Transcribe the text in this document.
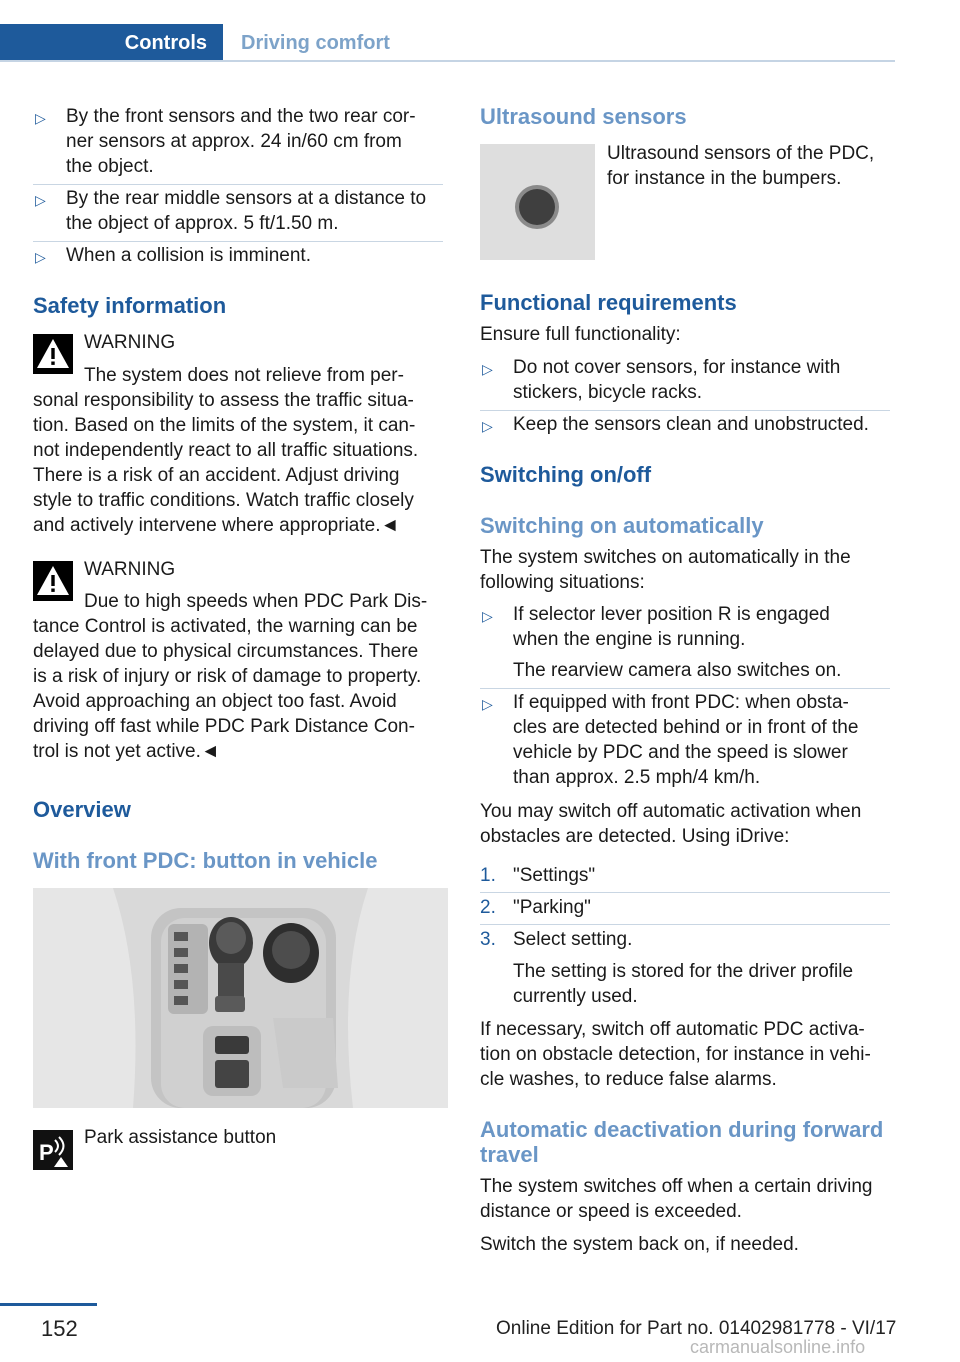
Controls	Driving comfort
▷ By the front sensors and the two rear cor-

ner sensors at approx. 24 in/60 cm from

the object.

▷ By the rear middle sensors at a distance to

the object of approx. 5 ft/1.50 m.

▷ When a collision is imminent.

Safety information

WARNING

The system does not relieve from per-

sonal responsibility to assess the traffic situa-

tion. Based on the limits of the system, it can-

not independently react to all traffic situations.

There is a risk of an accident. Adjust driving

style to traffic conditions. Watch traffic closely

and actively intervene where appropriate.◄

WARNING

Due to high speeds when PDC Park Dis-

tance Control is activated, the warning can be

delayed due to physical circumstances. There

is a risk of injury or risk of damage to property.

Avoid approaching an object too fast. Avoid

driving off fast while PDC Park Distance Con-

trol is not yet active.◄

Overview

With front PDC: button in vehicle

P

Park assistance button

Ultrasound sensors

Ultrasound sensors of the PDC,

for instance in the bumpers.

Functional requirements

Ensure full functionality:

▷ Do not cover sensors, for instance with

stickers, bicycle racks.

▷ Keep the sensors clean and unobstructed.

Switching on/off

Switching on automatically

The system switches on automatically in the

following situations:

▷ If selector lever position R is engaged

when the engine is running.

The rearview camera also switches on.

▷ If equipped with front PDC: when obsta-

cles are detected behind or in front of the

vehicle by PDC and the speed is slower

than approx. 2.5 mph/4 km/h.

You may switch off automatic activation when

obstacles are detected. Using iDrive:

1. "Settings"

2. "Parking"

3. Select setting.

The setting is stored for the driver profile

currently used.

If necessary, switch off automatic PDC activa-

tion on obstacle detection, for instance in vehi-

cle washes, to reduce false alarms.

Automatic deactivation during forward

travel

The system switches off when a certain driving

distance or speed is exceeded.

Switch the system back on, if needed.

152	Online Edition for Part no. 01402981778 - VI/17
carmanualsonline.info
